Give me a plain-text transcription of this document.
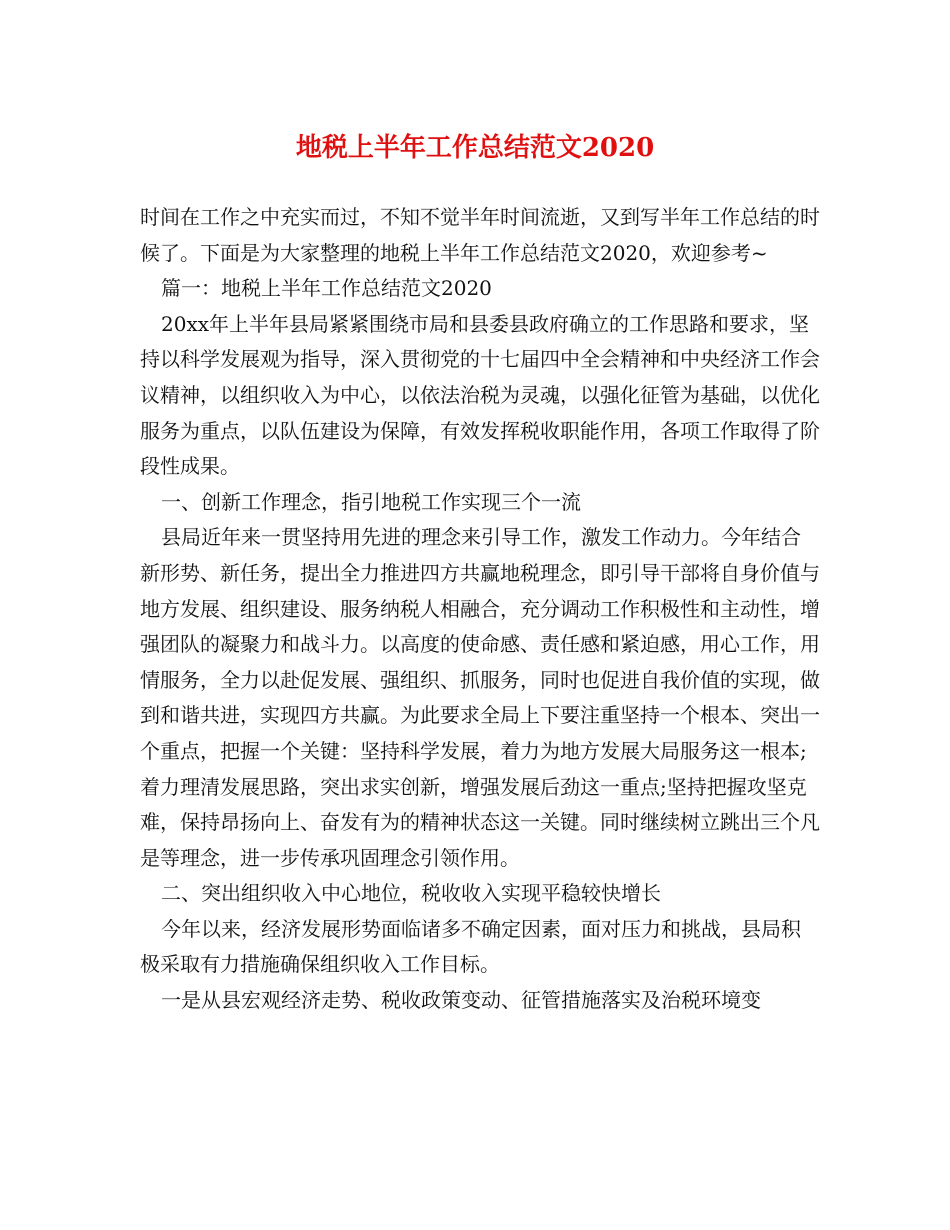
地税上半年工作总结范文2020

时间在工作之中充实而过，不知不觉半年时间流逝，又到写半年工作总结的时候了。下面是为大家整理的地税上半年工作总结范文2020，欢迎参考~

篇一：地税上半年工作总结范文2020

20xx年上半年县局紧紧围绕市局和县委县政府确立的工作思路和要求，坚持以科学发展观为指导，深入贯彻党的十七届四中全会精神和中央经济工作会议精神，以组织收入为中心，以依法治税为灵魂，以强化征管为基础，以优化服务为重点，以队伍建设为保障，有效发挥税收职能作用，各项工作取得了阶段性成果。

一、创新工作理念，指引地税工作实现三个一流

县局近年来一贯坚持用先进的理念来引导工作，激发工作动力。今年结合新形势、新任务，提出全力推进四方共赢地税理念，即引导干部将自身价值与地方发展、组织建设、服务纳税人相融合，充分调动工作积极性和主动性，增强团队的凝聚力和战斗力。以高度的使命感、责任感和紧迫感，用心工作，用情服务，全力以赴促发展、强组织、抓服务，同时也促进自我价值的实现，做到和谐共进，实现四方共赢。为此要求全局上下要注重坚持一个根本、突出一个重点，把握一个关键：坚持科学发展，着力为地方发展大局服务这一根本;着力理清发展思路，突出求实创新，增强发展后劲这一重点;坚持把握攻坚克难，保持昂扬向上、奋发有为的精神状态这一关键。同时继续树立跳出三个凡是等理念，进一步传承巩固理念引领作用。

二、突出组织收入中心地位，税收收入实现平稳较快增长

今年以来，经济发展形势面临诸多不确定因素，面对压力和挑战，县局积极采取有力措施确保组织收入工作目标。

一是从县宏观经济走势、税收政策变动、征管措施落实及治税环境变
